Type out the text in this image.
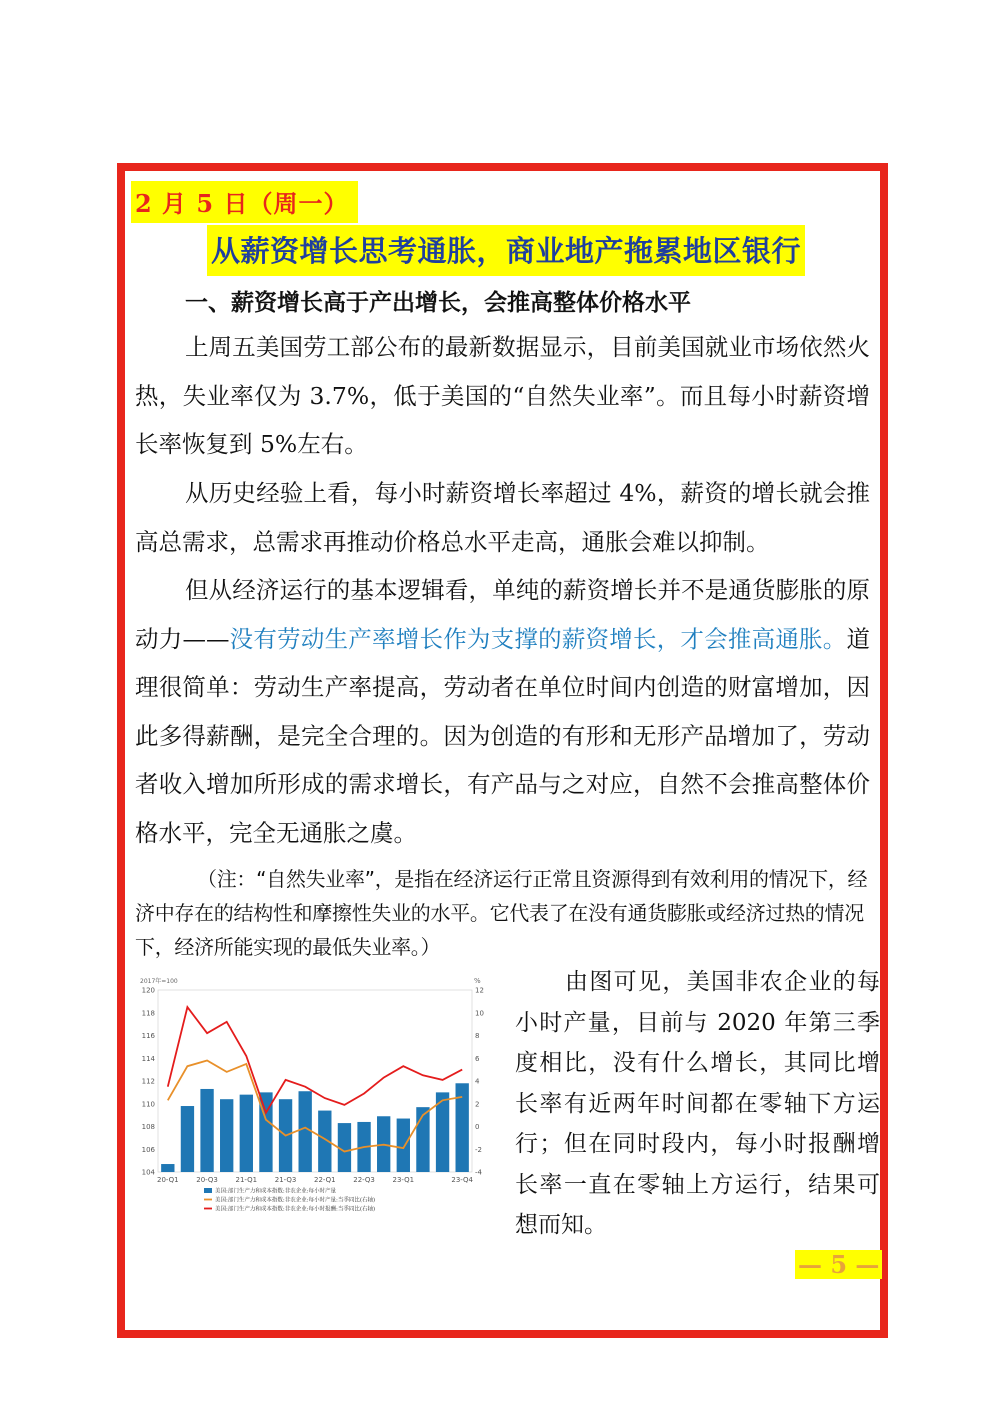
2 月 5 日（周一）
从薪资增长思考通胀，商业地产拖累地区银行
一、薪资增长高于产出增长，会推高整体价格水平

上周五美国劳工部公布的最新数据显示，目前美国就业市场依然火热，失业率仅为 3.7%，低于美国的“自然失业率”。而且每小时薪资增长率恢复到 5%左右。

从历史经验上看，每小时薪资增长率超过 4%，薪资的增长就会推高总需求，总需求再推动价格总水平走高，通胀会难以抑制。

但从经济运行的基本逻辑看，单纯的薪资增长并不是通货膨胀的原动力——没有劳动生产率增长作为支撑的薪资增长，才会推高通胀。道理很简单：劳动生产率提高，劳动者在单位时间内创造的财富增加，因此多得薪酬，是完全合理的。因为创造的有形和无形产品增加了，劳动者收入增加所形成的需求增长，有产品与之对应，自然不会推高整体价格水平，完全无通胀之虞。

（注：“自然失业率”，是指在经济运行正常且资源得到有效利用的情况下，经济中存在的结构性和摩擦性失业的水平。它代表了在没有通货膨胀或经济过热的情况下，经济所能实现的最低失业率。）

2017年=100	%
104
106
108
110
112
114
116
118
120
-4
-2
0
2
4
6
8
10
12
20-Q1	20-Q3	21-Q1	21-Q3	22-Q1	22-Q3	23-Q1	23-Q4
美国:部门生产力和成本指数:非农企业:每小时产量
美国:部门生产力和成本指数:非农企业:每小时产量:当季同比(右轴)
美国:部门生产力和成本指数:非农企业:每小时报酬:当季同比(右轴)

由图可见，美国非农企业的每小时产量，目前与 2020 年第三季度相比，没有什么增长，其同比增长率有近两年时间都在零轴下方运行；但在同时段内，每小时报酬增长率一直在零轴上方运行，结果可想而知。

— 5 —
